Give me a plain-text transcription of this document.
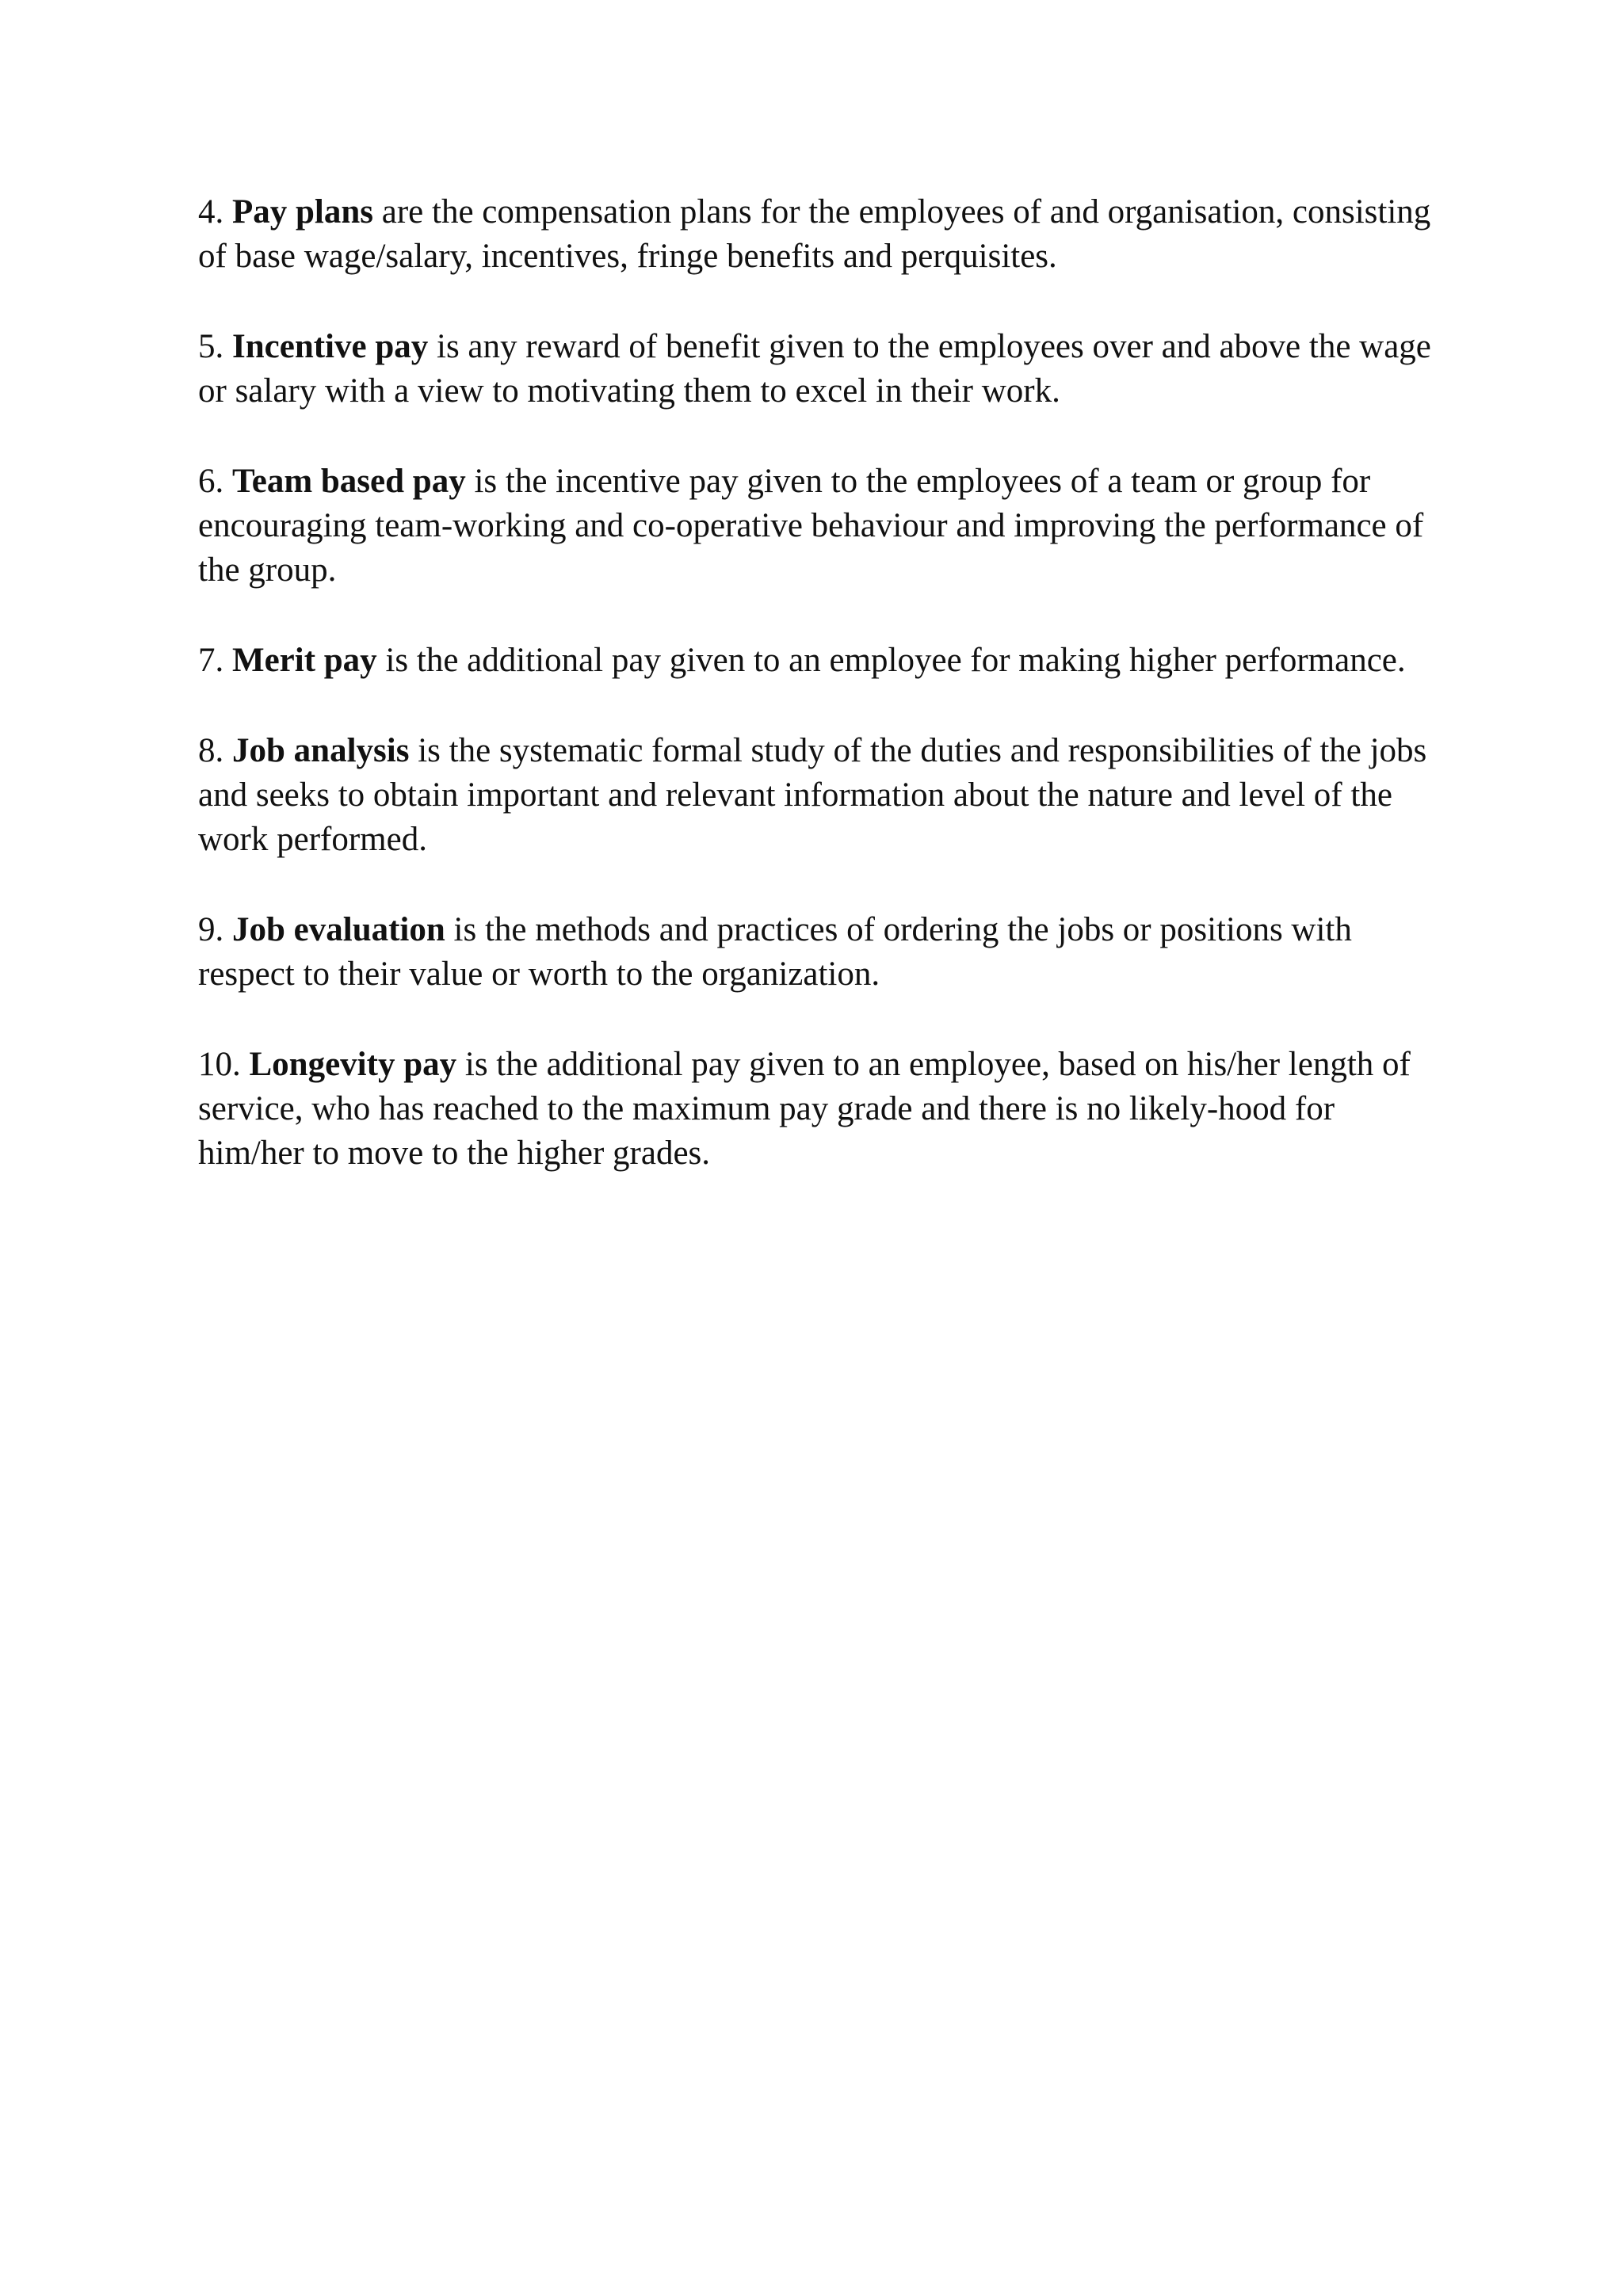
4. Pay plans are the compensation plans for the employees of and organisation, consisting of base wage/salary, incentives, fringe benefits and perquisites.

5. Incentive pay is any reward of benefit given to the employees over and above the wage or salary with a view to motivating them to excel in their work.

6. Team based pay is the incentive pay given to the employees of a team or group for encouraging team-working and co-operative behaviour and improving the performance of the group.

7. Merit pay is the additional pay given to an employee for making higher performance.

8. Job analysis is the systematic formal study of the duties and responsibilities of the jobs and seeks to obtain important and relevant information about the nature and level of the work performed.

9. Job evaluation is the methods and practices of ordering the jobs or positions with respect to their value or worth to the organization.

10. Longevity pay is the additional pay given to an employee, based on his/her length of service, who has reached to the maximum pay grade and there is no likely-hood for him/her to move to the higher grades.
